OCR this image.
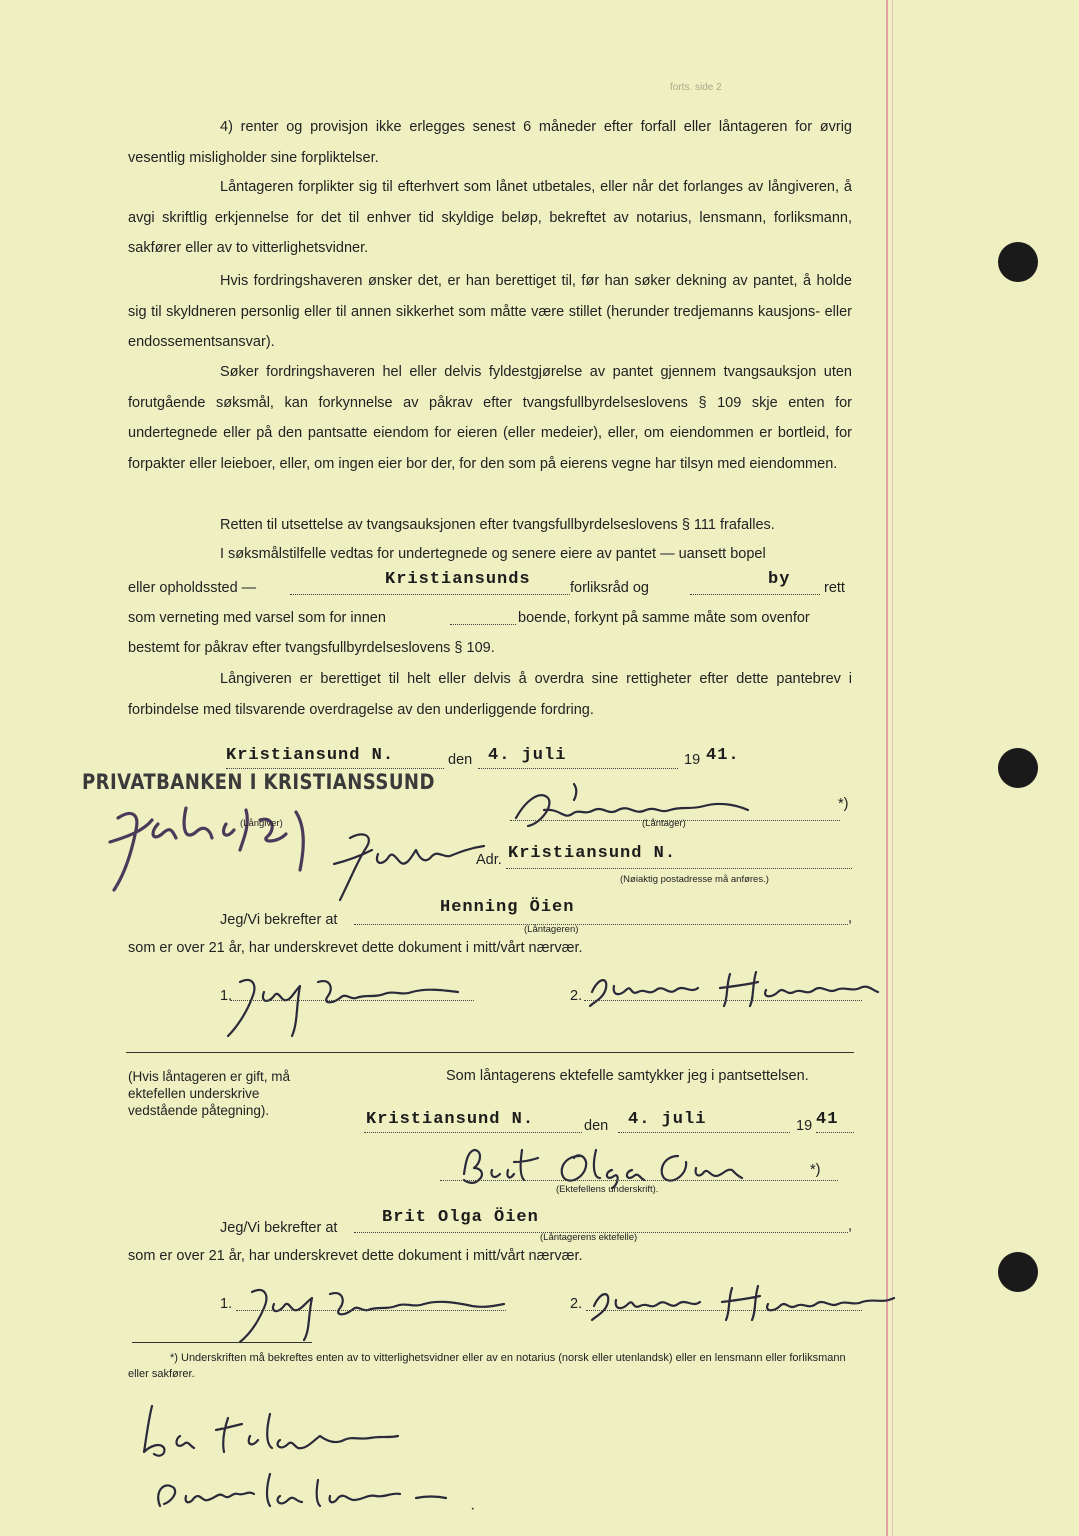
forts. side 2
4) renter og provisjon ikke erlegges senest 6 måneder efter forfall eller låntageren for øvrig vesentlig misligholder sine forpliktelser.
Låntageren forplikter sig til efterhvert som lånet utbetales, eller når det forlanges av långiveren, å avgi skriftlig erkjennelse for det til enhver tid skyldige beløp, bekreftet av notarius, lensmann, forliksmann, sakfører eller av to vitterlighetsvidner.
Hvis fordringshaveren ønsker det, er han berettiget til, før han søker dekning av pantet, å holde sig til skyldneren personlig eller til annen sikkerhet som måtte være stillet (herunder tredjemanns kausjons- eller endossementsansvar).
Søker fordringshaveren hel eller delvis fyldestgjørelse av pantet gjennem tvangsauksjon uten forutgående søksmål, kan forkynnelse av påkrav efter tvangsfullbyrdelseslovens § 109 skje enten for undertegnede eller på den pantsatte eiendom for eieren (eller medeier), eller, om eiendommen er bortleid, for forpakter eller leieboer, eller, om ingen eier bor der, for den som på eierens vegne har tilsyn med eiendommen.
Retten til utsettelse av tvangsauksjonen efter tvangsfullbyrdelseslovens § 111 frafalles.
I søksmålstilfelle vedtas for undertegnede og senere eiere av pantet — uansett bopel
eller opholdssted —	Kristiansunds	forliksråd og	by rett
som verneting med varsel som for innen	boende, forkynt på samme måte som ovenfor
bestemt for påkrav efter tvangsfullbyrdelseslovens § 109.
Långiveren er berettiget til helt eller delvis å overdra sine rettigheter efter dette pantebrev i forbindelse med tilsvarende overdragelse av den underliggende fordring.
Kristiansund N.	den 4. juli	19 41.
PRIVATBANKEN I KRISTIANSSUND
(Långiver)	(Låntager)
*)
Adr. Kristiansund N.
(Nøiaktig postadresse må anføres.)
Jeg/Vi bekrefter at
Henning Öien
,
(Låntageren)
som er over 21 år, har underskrevet dette dokument i mitt/vårt nærvær.
1.	2.
(Hvis låntageren er gift, må ektefellen underskrive vedstående påtegning).
Som låntagerens ektefelle samtykker jeg i pantsettelsen.
Kristiansund N.	den 4. juli	19 41
*)
(Ektefellens underskrift).
Jeg/Vi bekrefter at
Brit Olga Öien	,
(Låntagerens ektefelle)
som er over 21 år, har underskrevet dette dokument i mitt/vårt nærvær.
1.	2.
*) Underskriften må bekreftes enten av to vitterlighetsvidner eller av en notarius (norsk eller utenlandsk) eller en lensmann eller forliksmann eller sakfører.
·
